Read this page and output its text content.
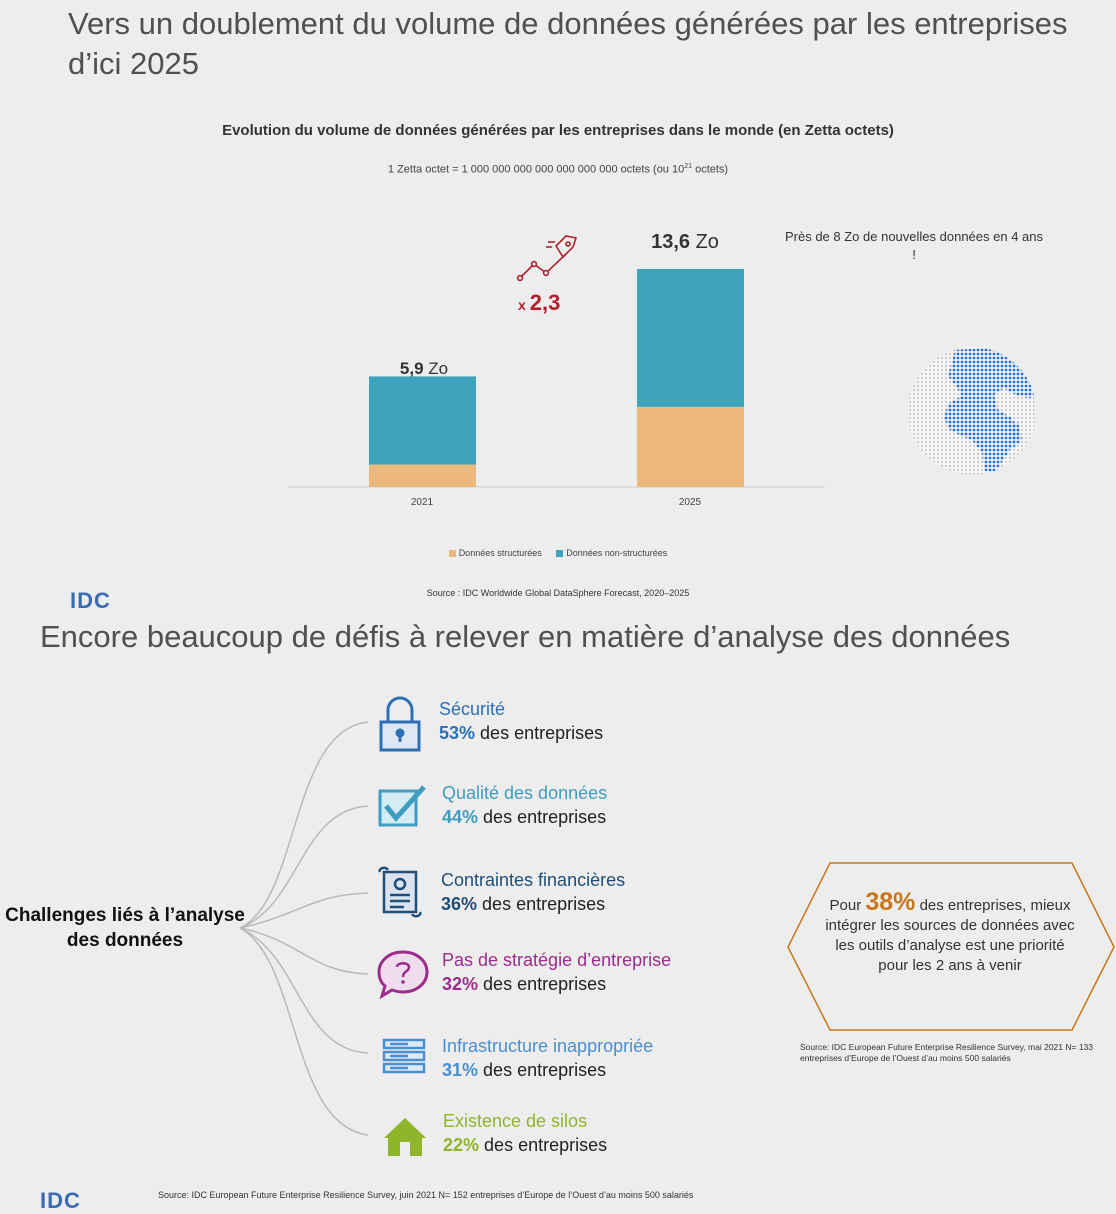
Vers un doublement du volume de données générées par les entreprises d’ici 2025
Evolution du volume de données générées par les entreprises dans le monde (en Zetta octets)
1 Zetta octet = 1 000 000 000 000 000 000 000 octets (ou $10^{21}$ octets)
5,9 Zo
13,6 Zo
2021	2025
x 2,3
Près de 8 Zo de nouvelles données en 4 ans !
Données structurées	Données non-structurées
Source : IDC Worldwide Global DataSphere Forecast, 2020–2025
IDC
Encore beaucoup de défis à relever en matière d’analyse des données
Challenges liés à l’analyse des données
Sécurité
53% des entreprises
Qualité des données
44% des entreprises
Contraintes financières
36% des entreprises
Pas de stratégie d’entreprise
32% des entreprises
Infrastructure inappropriée
31% des entreprises
Existence de silos
22% des entreprises
Pour 38% des entreprises, mieux intégrer les sources de données avec les outils d’analyse est une priorité pour les 2 ans à venir
Source: IDC European Future Enterprise Resilience Survey, mai 2021 N= 133 entreprises d’Europe de l’Ouest d’au moins 500 salariés
IDC	Source: IDC European Future Enterprise Resilience Survey, juin 2021 N= 152 entreprises d’Europe de l’Ouest d’au moins 500 salariés
